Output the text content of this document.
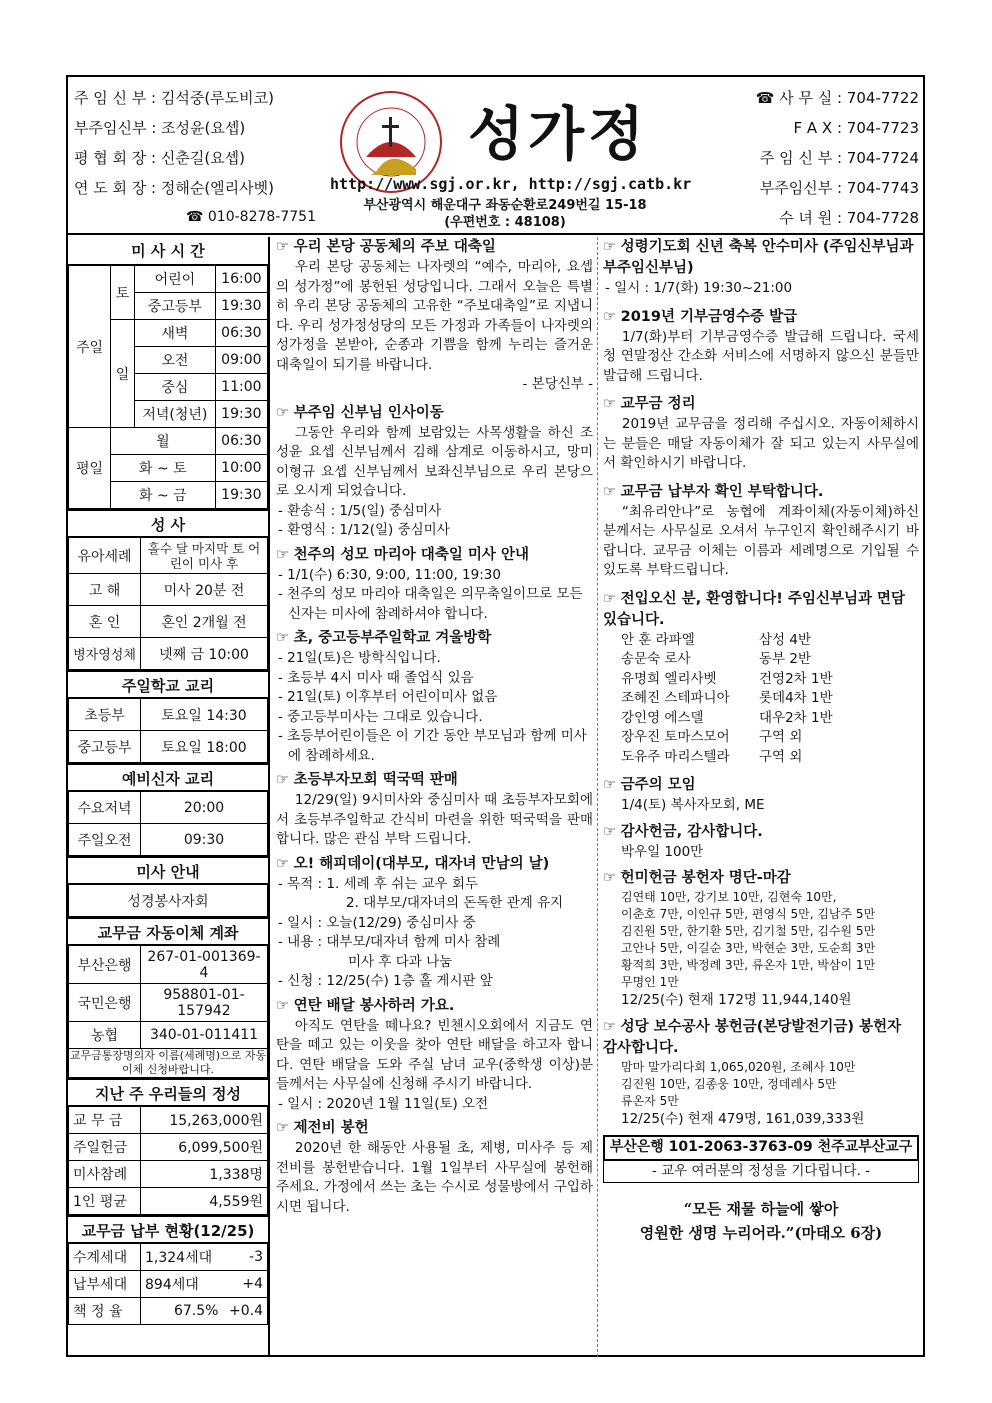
주 임 신 부 : 김석중(루도비코)
부주임신부 : 조성윤(요셉)
평 협 회 장 : 신춘길(요셉)
연 도 회 장 : 정해순(엘리사벳)
성가정
http://www.sgj.or.kr, http://sgj.catb.kr
부산광역시 해운대구 좌동순환로249번길 15-18
(우편번호 : 48108)
☎ 010-8278-7751
☎ 사 무 실 : 704-7722
F A X : 704-7723
주 임 신 부 : 704-7724
부주임신부 : 704-7743
수 녀 원 : 704-7728
미 사 시 간
주일	토	어린이	16:00
		중고등부	19:30
	일	새벽	06:30
		오전	09:00
		중심	11:00
		저녁(청년)	19:30
평일	월		06:30
	화 ~ 토		10:00
	화 ~ 금		19:30
성 사
유아세례	홀수 달 마지막 토 어린이 미사 후
고 해	미사 20분 전
혼 인	혼인 2개월 전
병자영성체	넷째 금 10:00
주일학교 교리
초등부	토요일 14:30
중고등부	토요일 18:00
예비신자 교리
수요저녁	20:00
주일오전	09:30
미사 안내
성경봉사자회
교무금 자동이체 계좌
부산은행	267-01-001369-4
국민은행	958801-01-157942
농협	340-01-011411
교무금통장명의자 이름(세례명)으로 자동이체 신청바랍니다.
지난 주 우리들의 정성
교 무 금	15,263,000원
주일헌금	6,099,500원
미사참례	1,338명
1인 평균	4,559원
교무금 납부 현황(12/25)
수계세대	1,324세대	-3
납부세대	894세대	+4
책 정 율	67.5%	+0.4
☞ 우리 본당 공동체의 주보 대축일
우리 본당 공동체는 나자렛의 “예수, 마리아, 요셉의 성가정”에 봉헌된 성당입니다. 그래서 오늘은 특별히 우리 본당 공동체의 고유한 “주보대축일”로 지냅니다. 우리 성가정성당의 모든 가정과 가족들이 나자렛의 성가정을 본받아, 순종과 기쁨을 함께 누리는 즐거운 대축일이 되기를 바랍니다.
- 본당신부 -
☞ 부주임 신부님 인사이동
그동안 우리와 함께 보람있는 사목생활을 하신 조성윤 요셉 신부님께서 김해 삼계로 이동하시고, 망미 이형규 요셉 신부님께서 보좌신부님으로 우리 본당으로 오시게 되었습니다.
- 환송식 : 1/5(일) 중심미사
- 환영식 : 1/12(일) 중심미사
☞ 천주의 성모 마리아 대축일 미사 안내
- 1/1(수) 6:30, 9:00, 11:00, 19:30
- 천주의 성모 마리아 대축일은 의무축일이므로 모든 신자는 미사에 참례하셔야 합니다.
☞ 초, 중고등부주일학교 겨울방학
- 21일(토)은 방학식입니다.
- 초등부 4시 미사 때 졸업식 있음
- 21일(토) 이후부터 어린이미사 없음
- 중고등부미사는 그대로 있습니다.
- 초등부어린이들은 이 기간 동안 부모님과 함께 미사에 참례하세요.
☞ 초등부자모회 떡국떡 판매
12/29(일) 9시미사와 중심미사 때 초등부자모회에서 초등부주일학교 간식비 마련을 위한 떡국떡을 판매합니다. 많은 관심 부탁 드립니다.
☞ 오! 해피데이(대부모, 대자녀 만남의 날)
- 목적 : 1. 세례 후 쉬는 교우 회두
2. 대부모/대자녀의 돈독한 관계 유지
- 일시 : 오늘(12/29) 중심미사 중
- 내용 : 대부모/대자녀 함께 미사 참례
미사 후 다과 나눔
- 신청 : 12/25(수) 1층 홀 게시판 앞
☞ 연탄 배달 봉사하러 가요.
아직도 연탄을 떼나요? 빈첸시오회에서 지금도 연탄을 떼고 있는 이웃을 찾아 연탄 배달을 하고자 합니다. 연탄 배달을 도와 주실 남녀 교우(중학생 이상)분들께서는 사무실에 신청해 주시기 바랍니다.
- 일시 : 2020년 1월 11일(토) 오전
☞ 제전비 봉헌
2020년 한 해동안 사용될 초, 제병, 미사주 등 제전비를 봉헌받습니다. 1월 1일부터 사무실에 봉헌해 주세요. 가정에서 쓰는 초는 수시로 성물방에서 구입하시면 됩니다.
☞ 성령기도회 신년 축복 안수미사 (주임신부님과 부주임신부님)
- 일시 : 1/7(화) 19:30~21:00
☞ 2019년 기부금영수증 발급
1/7(화)부터 기부금영수증 발급해 드립니다. 국세청 연말정산 간소화 서비스에 서명하지 않으신 분들만 발급해 드립니다.
☞ 교무금 정리
2019년 교무금을 정리해 주십시오. 자동이체하시는 분들은 매달 자동이체가 잘 되고 있는지 사무실에서 확인하시기 바랍니다.
☞ 교무금 납부자 확인 부탁합니다.
“최유리안나”로 농협에 계좌이체(자동이체)하신 분께서는 사무실로 오셔서 누구인지 확인해주시기 바랍니다. 교무금 이체는 이름과 세례명으로 기입될 수 있도록 부탁드립니다.
☞ 전입오신 분, 환영합니다! 주임신부님과 면담 있습니다.
안 훈 라파엘	삼성 4반
송문숙 로사	동부 2반
유명희 엘리사벳	건영2차 1반
조혜진 스테파니아	롯데4차 1반
강인영 에스델	대우2차 1반
장우진 토마스모어	구역 외
도유주 마리스텔라	구역 외
☞ 금주의 모임
1/4(토) 복사자모회, ME
☞ 감사헌금, 감사합니다.
박우일 100만
☞ 헌미헌금 봉헌자 명단-마감
김연태 10만, 강기보 10만, 김현숙 10만,
이춘호 7만, 이인규 5만, 편영식 5만, 김남주 5만
김진원 5만, 한기환 5만, 김기철 5만, 김수원 5만
고안나 5만, 이길순 3만, 박현순 3만, 도순희 3만
황적희 3만, 박정례 3만, 류온자 1만, 박삼이 1만
무명인 1만
12/25(수) 현재 172명 11,944,140원
☞ 성당 보수공사 봉헌금(본당발전기금) 봉헌자 감사합니다.
맘마 말가리다회 1,065,020원, 조혜사 10만
김진원 10만, 김종웅 10만, 정데레사 5만
류온자 5만
12/25(수) 현재 479명, 161,039,333원
부산은행 101-2063-3763-09 천주교부산교구
- 교우 여러분의 정성을 기다립니다. -
“모든 재물 하늘에 쌓아
영원한 생명 누리어라.”(마태오 6장)
